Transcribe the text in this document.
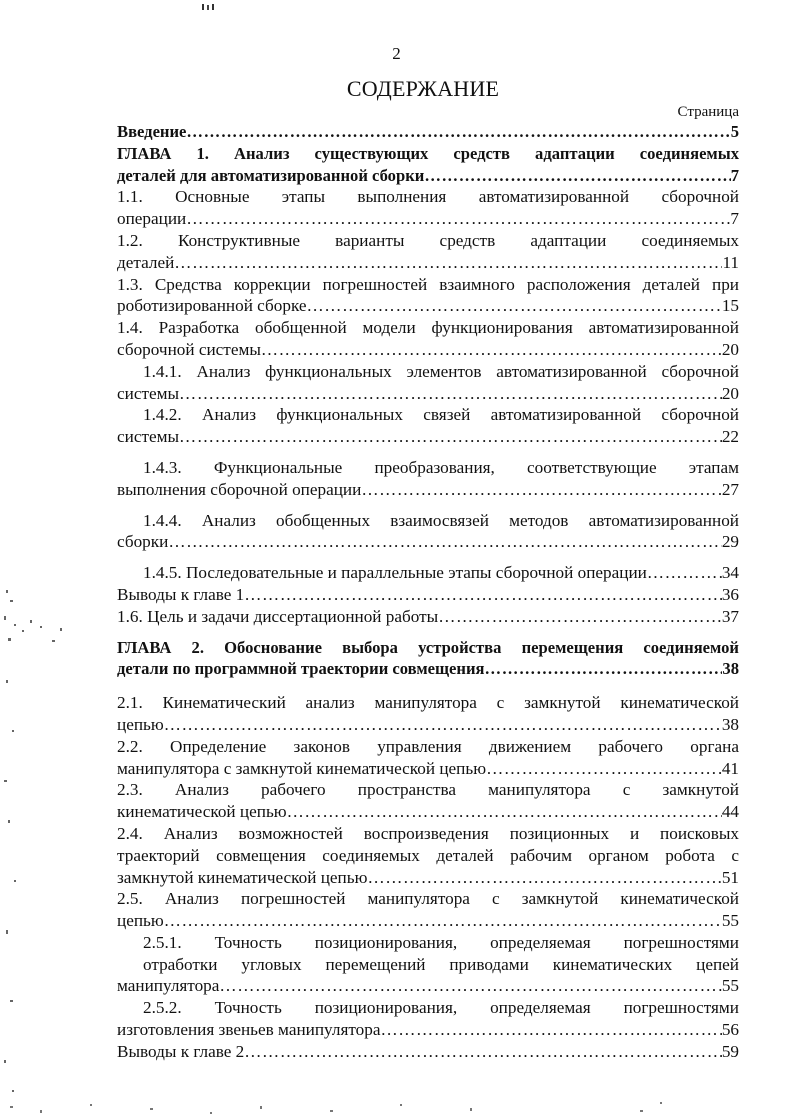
2
СОДЕРЖАНИЕ
Страница
Введение ……………………………………………………………………………………………………………………………………………………………………………	5
ГЛАВА 1. Анализ существующих средств адаптации соединяемых
деталей для автоматизированной сборки ……………………………………………………………………………………………………………………………………………………………………………	7
1.1. Основные этапы выполнения автоматизированной сборочной
операции ……………………………………………………………………………………………………………………………………………………………………………	7
1.2. Конструктивные варианты средств адаптации соединяемых
деталей ……………………………………………………………………………………………………………………………………………………………………………	11
1.3. Средства коррекции погрешностей взаимного расположения деталей при
роботизированной сборке ……………………………………………………………………………………………………………………………………………………………………………	15
1.4. Разработка обобщенной модели функционирования автоматизированной
сборочной системы ……………………………………………………………………………………………………………………………………………………………………………	20
1.4.1. Анализ функциональных элементов автоматизированной сборочной
системы ……………………………………………………………………………………………………………………………………………………………………………	20
1.4.2. Анализ функциональных связей автоматизированной сборочной
системы ……………………………………………………………………………………………………………………………………………………………………………	22
1.4.3. Функциональные преобразования, соответствующие этапам
выполнения сборочной операции ……………………………………………………………………………………………………………………………………………………………………………	27
1.4.4. Анализ обобщенных взаимосвязей методов автоматизированной
сборки ……………………………………………………………………………………………………………………………………………………………………………	29
1.4.5. Последовательные и параллельные этапы сборочной операции ……………………………………………………………………………………………………………………………………………………………………………	34
Выводы к главе 1 ……………………………………………………………………………………………………………………………………………………………………………	36
1.6. Цель и задачи диссертационной работы ……………………………………………………………………………………………………………………………………………………………………………	37
ГЛАВА 2. Обоснование выбора устройства перемещения соединяемой
детали по программной траектории совмещения ……………………………………………………………………………………………………………………………………………………………………………	38
2.1. Кинематический анализ манипулятора с замкнутой кинематической
цепью ……………………………………………………………………………………………………………………………………………………………………………	38
2.2. Определение законов управления движением рабочего органа
манипулятора с замкнутой кинематической цепью ……………………………………………………………………………………………………………………………………………………………………………	41
2.3. Анализ рабочего пространства манипулятора с замкнутой
кинематической цепью ……………………………………………………………………………………………………………………………………………………………………………	44
2.4. Анализ возможностей воспроизведения позиционных и поисковых
траекторий совмещения соединяемых деталей рабочим органом робота с
замкнутой кинематической цепью ……………………………………………………………………………………………………………………………………………………………………………	51
2.5. Анализ погрешностей манипулятора с замкнутой кинематической
цепью ……………………………………………………………………………………………………………………………………………………………………………	55
2.5.1. Точность позиционирования, определяемая погрешностями
отработки угловых перемещений приводами кинематических цепей
манипулятора ……………………………………………………………………………………………………………………………………………………………………………	55
2.5.2. Точность позиционирования, определяемая погрешностями
изготовления звеньев манипулятора ……………………………………………………………………………………………………………………………………………………………………………	56
Выводы к главе 2 ……………………………………………………………………………………………………………………………………………………………………………	59
